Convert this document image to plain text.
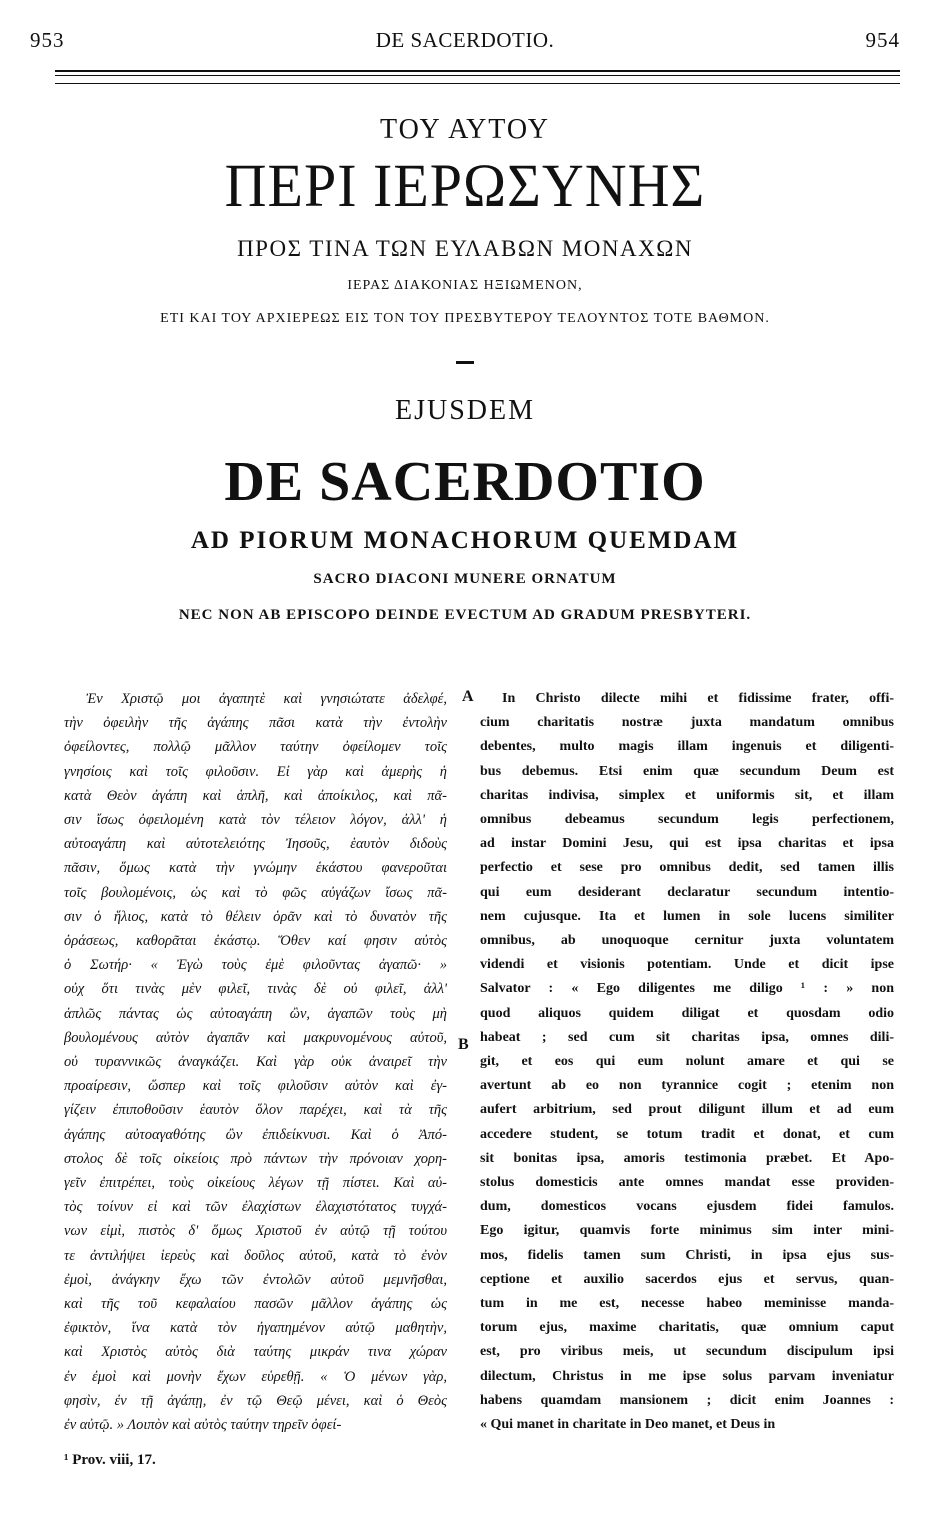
953	DE SACERDOTIO.	954
ΤΟΥ ΑΥΤΟΥ
ΠΕΡΙ ΙΕΡΩΣΥΝΗΣ
ΠΡΟΣ ΤΙΝΑ ΤΩΝ ΕΥΛΑΒΩΝ ΜΟΝΑΧΩΝ
ΙΕΡΑΣ ΔΙΑΚΟΝΙΑΣ ΗΞΙΩΜΕΝΟΝ,
ΕΤΙ ΚΑΙ ΤΟΥ ΑΡΧΙΕΡΕΩΣ ΕΙΣ ΤΟΝ ΤΟΥ ΠΡΕΣΒΥΤΕΡΟΥ ΤΕΛΟΥΝΤΟΣ ΤΟΤΕ ΒΑΘΜΟΝ.
EJUSDEM
DE SACERDOTIO
AD PIORUM MONACHORUM QUEMDAM
SACRO DIACONI MUNERE ORNATUM
NEC NON AB EPISCOPO DEINDE EVECTUM AD GRADUM PRESBYTERI.
Ἐν Χριστῷ μοι ἀγαπητὲ καὶ γνησιώτατε ἀδελφέ,
τὴν ὀφειλὴν τῆς ἀγάπης πᾶσι κατὰ τὴν ἐντολὴν
ὀφείλοντες, πολλῷ μᾶλλον ταύτην ὀφείλομεν τοῖς
γνησίοις καὶ τοῖς φιλοῦσιν. Εἰ γὰρ καὶ ἀμερὴς ἡ
κατὰ Θεὸν ἀγάπη καὶ ἁπλῆ, καὶ ἀποίκιλος, καὶ πᾶ-
σιν ἴσως ὀφειλομένη κατὰ τὸν τέλειον λόγον, ἀλλ' ἡ
αὐτοαγάπη καὶ αὐτοτελειότης Ἰησοῦς, ἑαυτὸν διδοὺς
πᾶσιν, ὅμως κατὰ τὴν γνώμην ἑκάστου φανεροῦται
τοῖς βουλομένοις, ὡς καὶ τὸ φῶς αὐγάζων ἴσως πᾶ-
σιν ὁ ἥλιος, κατὰ τὸ θέλειν ὁρᾶν καὶ τὸ δυνατὸν τῆς
ὁράσεως, καθορᾶται ἑκάστῳ. Ὅθεν καί φησιν αὐτὸς
ὁ Σωτήρ· « Ἐγὼ τοὺς ἐμὲ φιλοῦντας ἀγαπῶ· »
οὐχ ὅτι τινὰς μὲν φιλεῖ, τινὰς δὲ οὐ φιλεῖ, ἀλλ'
ἁπλῶς πάντας ὡς αὐτοαγάπη ὢν, ἀγαπῶν τοὺς μὴ
βουλομένους αὐτὸν ἀγαπᾶν καὶ μακρυνομένους αὐτοῦ,
οὐ τυραννικῶς ἀναγκάζει. Καὶ γὰρ οὐκ ἀναιρεῖ τὴν
προαίρεσιν, ὥσπερ καὶ τοῖς φιλοῦσιν αὐτὸν καὶ ἐγ-
γίζειν ἐπιποθοῦσιν ἑαυτὸν ὅλον παρέχει, καὶ τὰ τῆς
ἀγάπης αὐτοαγαθότης ὢν ἐπιδείκνυσι. Καὶ ὁ Ἀπό-
στολος δὲ τοῖς οἰκείοις πρὸ πάντων τὴν πρόνοιαν χορη-
γεῖν ἐπιτρέπει, τοὺς οἰκείους λέγων τῇ πίστει. Καὶ αὐ-
τὸς τοίνυν εἰ καὶ τῶν ἐλαχίστων ἐλαχιστότατος τυγχά-
νων εἰμὶ, πιστὸς δ' ὅμως Χριστοῦ ἐν αὐτῷ τῇ τούτου
τε ἀντιλήψει ἱερεὺς καὶ δοῦλος αὐτοῦ, κατὰ τὸ ἐνὸν
ἐμοὶ, ἀνάγκην ἔχω τῶν ἐντολῶν αὐτοῦ μεμνῆσθαι,
καὶ τῆς τοῦ κεφαλαίου πασῶν μᾶλλον ἀγάπης ὡς
ἐφικτὸν, ἵνα κατὰ τὸν ἠγαπημένον αὐτῷ μαθητὴν,
καὶ Χριστὸς αὐτὸς διὰ ταύτης μικράν τινα χώραν
ἐν ἐμοὶ καὶ μονὴν ἔχων εὑρεθῇ. « Ὁ μένων γὰρ,
φησὶν, ἐν τῇ ἀγάπῃ, ἐν τῷ Θεῷ μένει, καὶ ὁ Θεὸς
ἐν αὐτῷ. » Λοιπὸν καὶ αὐτὸς ταύτην τηρεῖν ὀφεί-
A
B
In Christo dilecte mihi et fidissime frater, offi-
cium charitatis nostræ juxta mandatum omnibus
debentes, multo magis illam ingenuis et diligenti-
bus debemus. Etsi enim quæ secundum Deum est
charitas indivisa, simplex et uniformis sit, et illam
omnibus debeamus secundum legis perfectionem,
ad instar Domini Jesu, qui est ipsa charitas et ipsa
perfectio et sese pro omnibus dedit, sed tamen illis
qui eum desiderant declaratur secundum intentio-
nem cujusque. Ita et lumen in sole lucens similiter
omnibus, ab unoquoque cernitur juxta voluntatem
videndi et visionis potentiam. Unde et dicit ipse
Salvator : « Ego diligentes me diligo ¹ : » non
quod aliquos quidem diligat et quosdam odio
habeat ; sed cum sit charitas ipsa, omnes dili-
git, et eos qui eum nolunt amare et qui se
avertunt ab eo non tyrannice cogit ; etenim non
aufert arbitrium, sed prout diligunt illum et ad eum
accedere student, se totum tradit et donat, et cum
sit bonitas ipsa, amoris testimonia præbet. Et Apo-
stolus domesticis ante omnes mandat esse providen-
dum, domesticos vocans ejusdem fidei famulos.
Ego igitur, quamvis forte minimus sim inter mini-
mos, fidelis tamen sum Christi, in ipsa ejus sus-
ceptione et auxilio sacerdos ejus et servus, quan-
tum in me est, necesse habeo meminisse manda-
torum ejus, maxime charitatis, quæ omnium caput
est, pro viribus meis, ut secundum discipulum ipsi
dilectum, Christus in me ipse solus parvam inveniatur
habens quamdam mansionem ; dicit enim Joannes :
« Qui manet in charitate in Deo manet, et Deus in
¹ Prov. viii, 17.
